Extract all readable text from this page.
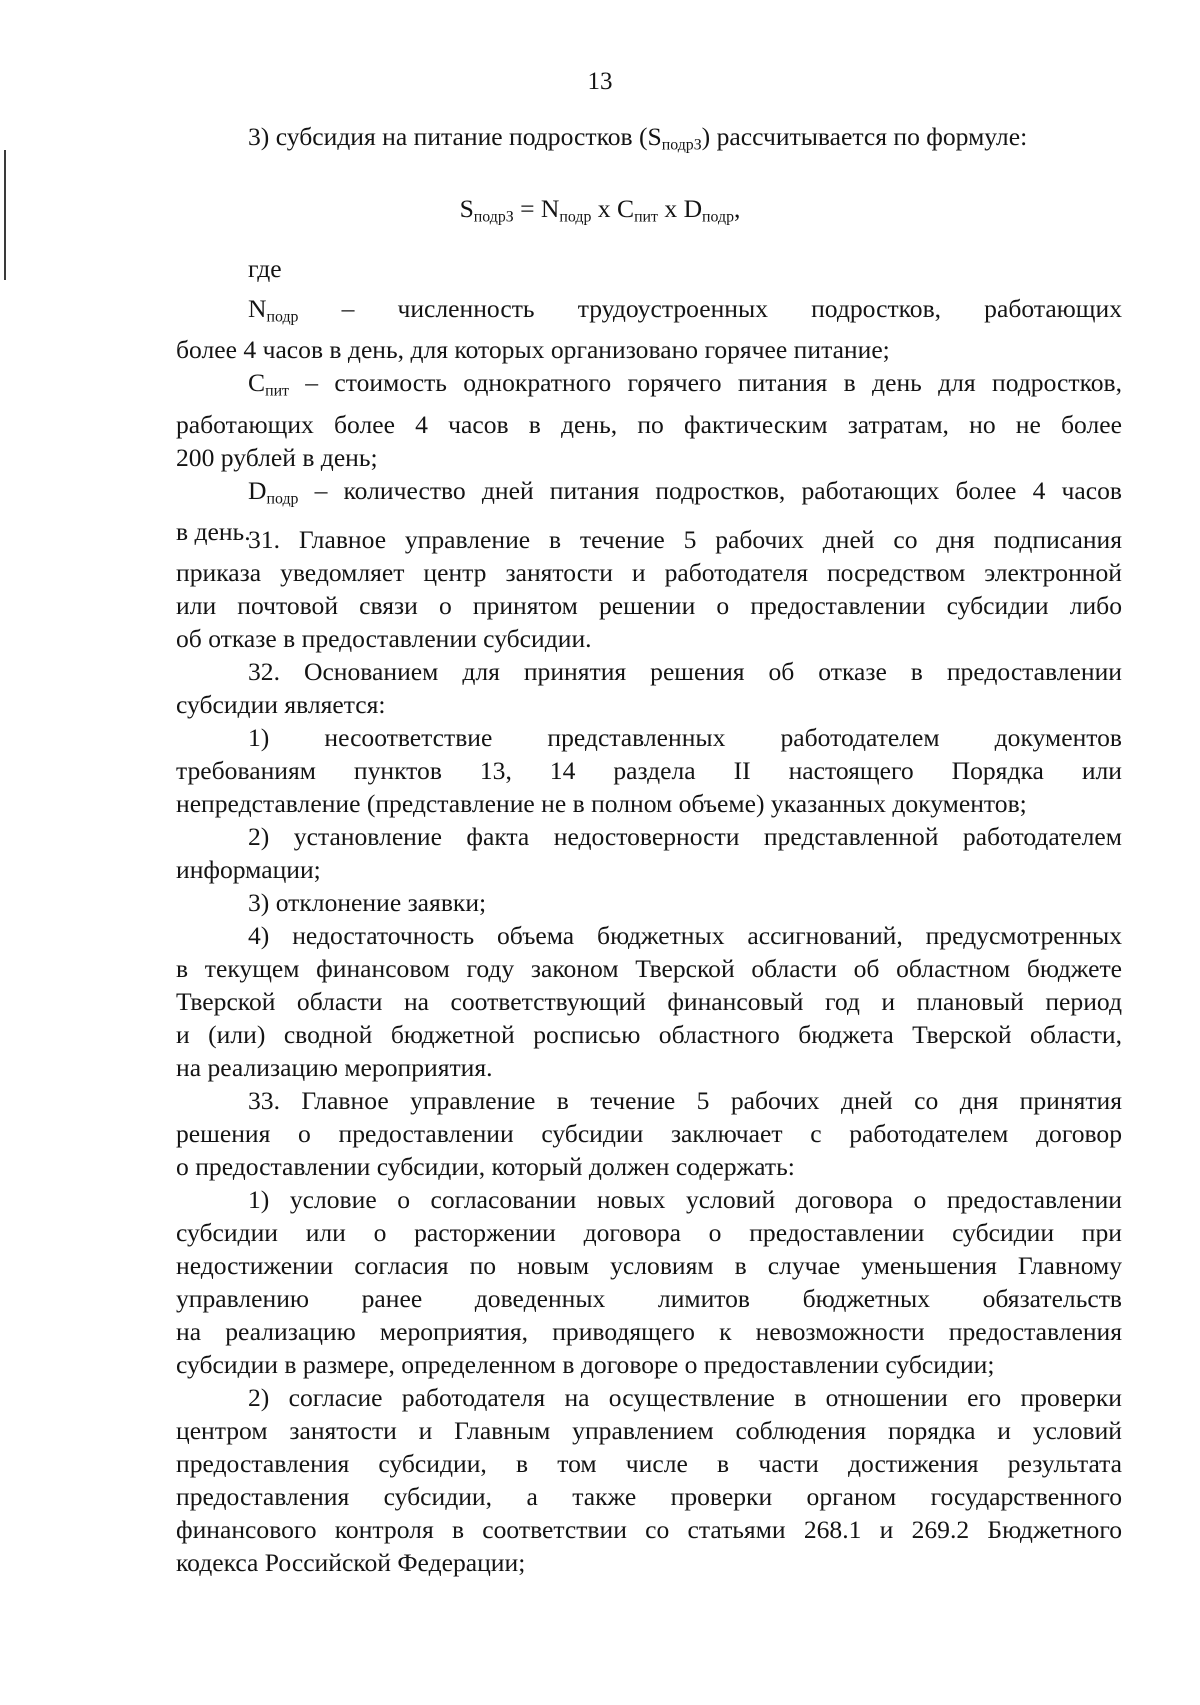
13
3) субсидия на питание подростков $(S_{подрЗ})$ рассчитывается по формуле:
$S_{подрЗ} = N_{подр}$ x $C_{пит}$ x $D_{подр}$,
где

$N_{подр}$ – численность трудоустроенных подростков, работающих

более 4 часов в день, для которых организовано горячее питание;

$C_{пит}$ – стоимость однократного горячего питания в день для подростков,

работающих более 4 часов в день, по фактическим затратам, но не более

200 рублей в день;

$D_{подр}$ – количество дней питания подростков, работающих более 4 часов

в день.

31. Главное управление в течение 5 рабочих дней со дня подписания

приказа уведомляет центр занятости и работодателя посредством электронной

или почтовой связи о принятом решении о предоставлении субсидии либо

об отказе в предоставлении субсидии.

32. Основанием для принятия решения об отказе в предоставлении

субсидии является:

1) несоответствие представленных работодателем документов

требованиям пунктов 13, 14 раздела II настоящего Порядка или

непредставление (представление не в полном объеме) указанных документов;

2) установление факта недостоверности представленной работодателем

информации;

3) отклонение заявки;

4) недостаточность объема бюджетных ассигнований, предусмотренных

в текущем финансовом году законом Тверской области об областном бюджете

Тверской области на соответствующий финансовый год и плановый период

и (или) сводной бюджетной росписью областного бюджета Тверской области,

на реализацию мероприятия.

33. Главное управление в течение 5 рабочих дней со дня принятия

решения о предоставлении субсидии заключает с работодателем договор

о предоставлении субсидии, который должен содержать:

1) условие о согласовании новых условий договора о предоставлении

субсидии или о расторжении договора о предоставлении субсидии при

недостижении согласия по новым условиям в случае уменьшения Главному

управлению ранее доведенных лимитов бюджетных обязательств

на реализацию мероприятия, приводящего к невозможности предоставления

субсидии в размере, определенном в договоре о предоставлении субсидии;

2) согласие работодателя на осуществление в отношении его проверки

центром занятости и Главным управлением соблюдения порядка и условий

предоставления субсидии, в том числе в части достижения результата

предоставления субсидии, а также проверки органом государственного

финансового контроля в соответствии со статьями 268.1 и 269.2 Бюджетного

кодекса Российской Федерации;
